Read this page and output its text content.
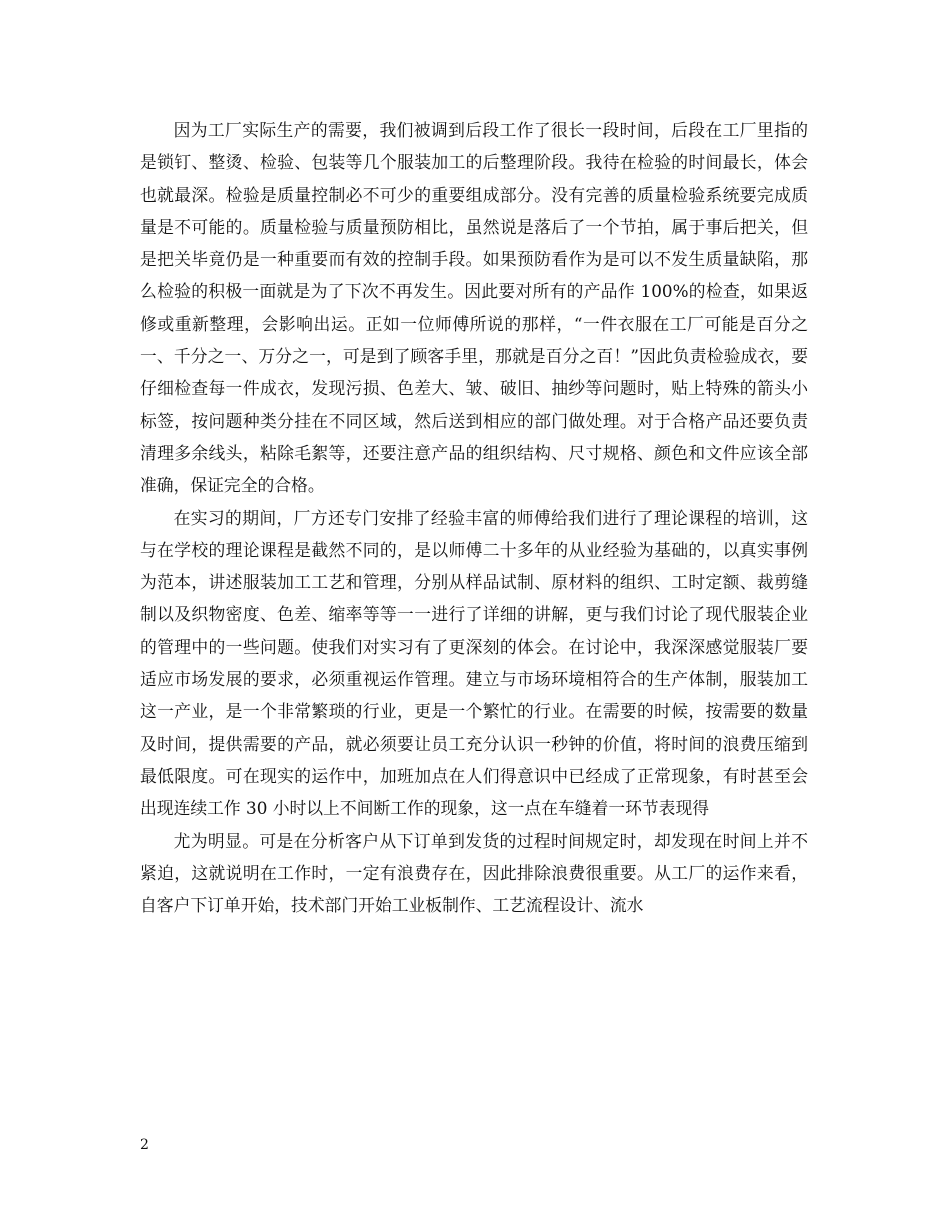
因为工厂实际生产的需要，我们被调到后段工作了很长一段时间，后段在工厂里指的是锁钉、整烫、检验、包装等几个服装加工的后整理阶段。我待在检验的时间最长，体会也就最深。检验是质量控制必不可少的重要组成部分。没有完善的质量检验系统要完成质量是不可能的。质量检验与质量预防相比，虽然说是落后了一个节拍，属于事后把关，但是把关毕竟仍是一种重要而有效的控制手段。如果预防看作为是可以不发生质量缺陷，那么检验的积极一面就是为了下次不再发生。因此要对所有的产品作 100%的检查，如果返修或重新整理，会影响出运。正如一位师傅所说的那样，“一件衣服在工厂可能是百分之一、千分之一、万分之一，可是到了顾客手里，那就是百分之百！”因此负责检验成衣，要仔细检查每一件成衣，发现污损、色差大、皱、破旧、抽纱等问题时，贴上特殊的箭头小标签，按问题种类分挂在不同区域，然后送到相应的部门做处理。对于合格产品还要负责清理多余线头，粘除毛絮等，还要注意产品的组织结构、尺寸规格、颜色和文件应该全部准确，保证完全的合格。

在实习的期间，厂方还专门安排了经验丰富的师傅给我们进行了理论课程的培训，这与在学校的理论课程是截然不同的，是以师傅二十多年的从业经验为基础的，以真实事例为范本，讲述服装加工工艺和管理，分别从样品试制、原材料的组织、工时定额、裁剪缝制以及织物密度、色差、缩率等等一一进行了详细的讲解，更与我们讨论了现代服装企业的管理中的一些问题。使我们对实习有了更深刻的体会。在讨论中，我深深感觉服装厂要适应市场发展的要求，必须重视运作管理。建立与市场环境相符合的生产体制，服装加工这一产业，是一个非常繁琐的行业，更是一个繁忙的行业。在需要的时候，按需要的数量及时间，提供需要的产品，就必须要让员工充分认识一秒钟的价值，将时间的浪费压缩到最低限度。可在现实的运作中，加班加点在人们得意识中已经成了正常现象，有时甚至会出现连续工作 30 小时以上不间断工作的现象，这一点在车缝着一环节表现得

尤为明显。可是在分析客户从下订单到发货的过程时间规定时，却发现在时间上并不紧迫，这就说明在工作时，一定有浪费存在，因此排除浪费很重要。从工厂的运作来看，自客户下订单开始，技术部门开始工业板制作、工艺流程设计、流水

2
